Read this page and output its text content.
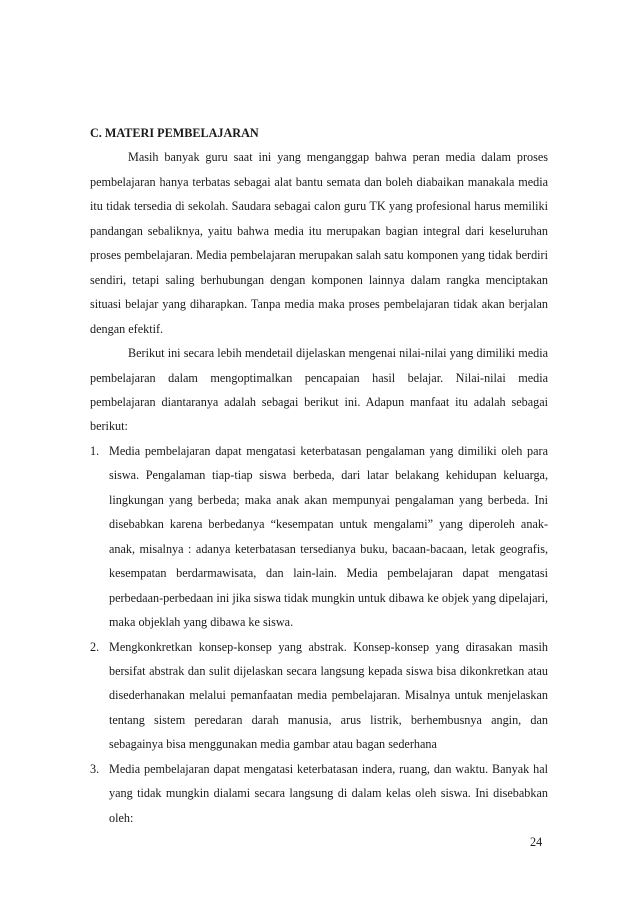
C. MATERI PEMBELAJARAN

Masih banyak guru saat ini yang menganggap bahwa peran media dalam proses pembelajaran hanya terbatas sebagai alat bantu semata dan boleh diabaikan manakala media itu tidak tersedia di sekolah. Saudara sebagai calon guru TK yang profesional harus memiliki pandangan sebaliknya, yaitu bahwa media itu merupakan bagian integral dari keseluruhan proses pembelajaran. Media pembelajaran merupakan salah satu komponen yang tidak berdiri sendiri, tetapi saling berhubungan dengan komponen lainnya dalam rangka menciptakan situasi belajar yang diharapkan. Tanpa media maka proses pembelajaran tidak akan berjalan dengan efektif.

Berikut ini secara lebih mendetail dijelaskan mengenai nilai-nilai yang dimiliki media pembelajaran dalam mengoptimalkan pencapaian hasil belajar. Nilai-nilai media pembelajaran diantaranya adalah sebagai berikut ini. Adapun manfaat itu adalah sebagai berikut:

1. Media pembelajaran dapat mengatasi keterbatasan pengalaman yang dimiliki oleh para siswa. Pengalaman tiap-tiap siswa berbeda, dari latar belakang kehidupan keluarga, lingkungan yang berbeda; maka anak akan mempunyai pengalaman yang berbeda. Ini disebabkan karena berbedanya “kesempatan untuk mengalami” yang diperoleh anak-anak, misalnya : adanya keterbatasan tersedianya buku, bacaan-bacaan, letak geografis, kesempatan berdarmawisata, dan lain-lain. Media pembelajaran dapat mengatasi perbedaan-perbedaan ini jika siswa tidak mungkin untuk dibawa ke objek yang dipelajari, maka objeklah yang dibawa ke siswa.
2. Mengkonkretkan konsep-konsep yang abstrak. Konsep-konsep yang dirasakan masih bersifat abstrak dan sulit dijelaskan secara langsung kepada siswa bisa dikonkretkan atau disederhanakan melalui pemanfaatan media pembelajaran. Misalnya untuk menjelaskan tentang sistem peredaran darah manusia, arus listrik, berhembusnya angin, dan sebagainya bisa menggunakan media gambar atau bagan sederhana
3. Media pembelajaran dapat mengatasi keterbatasan indera, ruang, dan waktu. Banyak hal yang tidak mungkin dialami secara langsung di dalam kelas oleh siswa. Ini disebabkan oleh:
24
